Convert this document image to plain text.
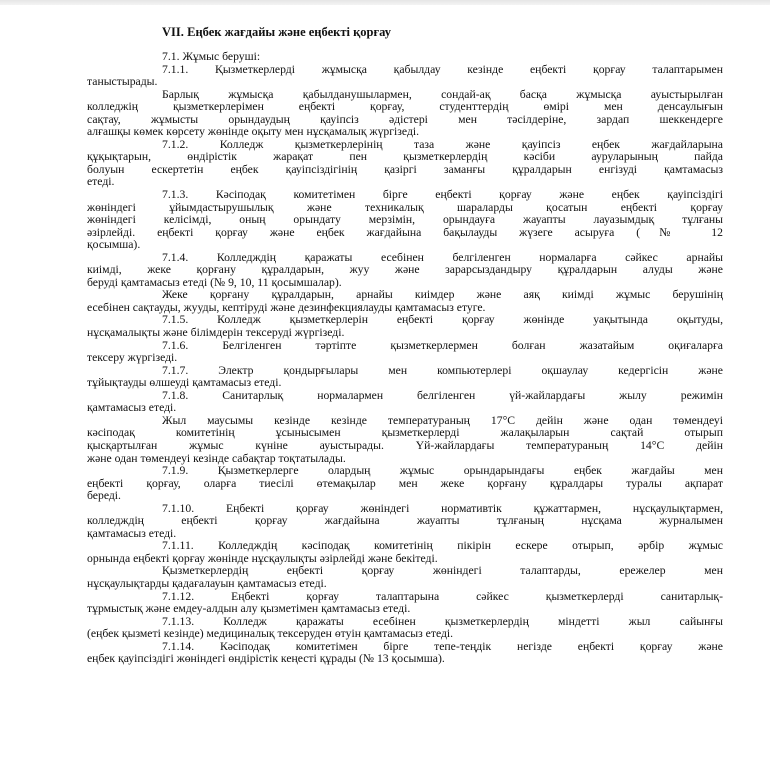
VII. Еңбек жағдайы және еңбекті қорғау
7.1. Жұмыс беруші:
7.1.1. Қызметкерлерді жұмысқа қабылдау кезінде еңбекті қорғау талаптарымен
таныстырады.
Барлық жұмысқа қабылданушылармен, сондай-ақ басқа жұмысқа ауыстырылған
колледжің қызметкерлерімен еңбекті қорғау, студенттердің өмірі мен денсаулығын
сақтау, жұмысты орындаудың қауіпсіз әдістері мен тәсілдеріне, зардап шеккендерге
алғашқы көмек көрсету жөнінде оқыту мен нұсқамалық жүргізеді.
7.1.2. Колледж қызметкерлерінің таза және қауіпсіз еңбек жағдайларына
құқықтарын, өндірістік жарақат пен қызметкерлердің кәсіби ауруларының пайда
болуын ескертетін еңбек қауіпсіздігінің қазіргі заманғы құралдарын енгізуді қамтамасыз
етеді.
7.1.3. Кәсіподақ комитетімен бірге еңбекті қорғау және еңбек қауіпсіздігі
жөніндегі ұйымдастырушылық және техникалық шараларды қосатын еңбекті қорғау
жөніндегі келісімді, оның орындату мерзімін, орындауға жауапты лауазымдық тұлғаны
әзірлейді. еңбекті қорғау және еңбек жағдайына бақылауды жүзеге асыруға (№ 12
қосымша).
7.1.4. Колледждің қаражаты есебінен белгіленген нормаларға сәйкес арнайы
киімді, жеке қорғану құралдарын, жуу және зарарсыздандыру құралдарын алуды және
беруді қамтамасыз етеді (№ 9, 10, 11 қосымшалар).
Жеке қорғану құралдарын, арнайы киімдер және аяқ киімді жұмыс берушінің
есебінен сақтауды, жууды, кептіруді және дезинфекциялауды қамтамасыз етуге.
7.1.5. Колледж қызметкерлерін еңбекті қорғау жөнінде уақытында оқытуды,
нұсқамалықты және білімдерін тексеруді жүргізеді.
7.1.6. Белгіленген тәртіпте қызметкерлермен болған жазатайым оқиғаларға
тексеру жүргізеді.
7.1.7. Электр қондырғылары мен компьютерлері оқшаулау кедергісін және
тұйықтауды өлшеуді қамтамасыз етеді.
7.1.8. Санитарлық нормалармен белгіленген үй-жайлардағы жылу режимін
қамтамасыз етеді.
Жыл маусымы кезінде кезінде температураның 17°С дейін және одан төмендеуі
кәсіподақ комитетінің ұсынысымен қызметкерлерді жалақыларын сақтай отырып
қысқартылған жұмыс күніне ауыстырады. Үй-жайлардағы температураның 14°С дейін
және одан төмендеуі кезінде сабақтар тоқтатылады.
7.1.9. Қызметкерлерге олардың жұмыс орындарындағы еңбек жағдайы мен
еңбекті қорғау, оларға тиесілі өтемақылар мен жеке қорғану құралдары туралы ақпарат
береді.
7.1.10. Еңбекті қорғау жөніндегі нормативтік құжаттармен, нұсқаулықтармен,
колледждің еңбекті қорғау жағдайына жауапты тұлғаның нұсқама журналымен
қамтамасыз етеді.
7.1.11. Колледждің кәсіподақ комитетінің пікірін ескере отырып, әрбір жұмыс
орнында еңбекті қорғау жөнінде нұсқаулықты әзірлейді және бекітеді.
Қызметкерлердің еңбекті қорғау жөніндегі талаптарды, ережелер мен
нұсқаулықтарды қадағалауын қамтамасыз етеді.
7.1.12. Еңбекті қорғау талаптарына сәйкес қызметкерлерді санитарлық-
тұрмыстық және емдеу-алдын алу қызметімен қамтамасыз етеді.
7.1.13. Колледж қаражаты есебінен қызметкерлердің міндетті жыл сайынғы
(еңбек қызметі кезінде) медициналық тексеруден өтуін қамтамасыз етеді.
7.1.14. Кәсіподақ комитетімен бірге тепе-теңдік негізде еңбекті қорғау және
еңбек қауіпсіздігі жөніндегі өндірістік кеңесті құрады (№ 13 қосымша).
